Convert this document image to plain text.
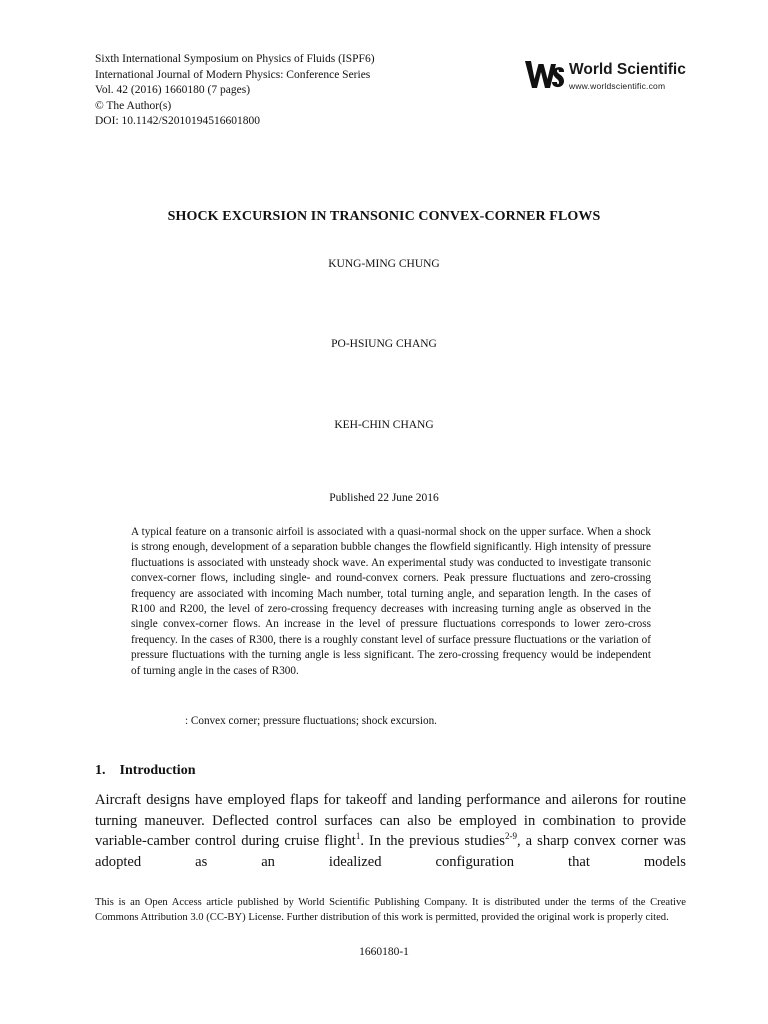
Sixth International Symposium on Physics of Fluids (ISPF6)
International Journal of Modern Physics: Conference Series
Vol. 42 (2016) 1660180 (7 pages)
© The Author(s)
DOI: 10.1142/S2010194516601800
World Scientific
www.worldscientific.com
SHOCK EXCURSION IN TRANSONIC CONVEX-CORNER FLOWS
KUNG-MING CHUNG
PO-HSIUNG CHANG
KEH-CHIN CHANG
Published 22 June 2016
A typical feature on a transonic airfoil is associated with a quasi-normal shock on the upper surface. When a shock is strong enough, development of a separation bubble changes the flowfield significantly. High intensity of pressure fluctuations is associated with unsteady shock wave. An experimental study was conducted to investigate transonic convex-corner flows, including single- and round-convex corners. Peak pressure fluctuations and zero-crossing frequency are associated with incoming Mach number, total turning angle, and separation length. In the cases of R100 and R200, the level of zero-crossing frequency decreases with increasing turning angle as observed in the single convex-corner flows. An increase in the level of pressure fluctuations corresponds to lower zero-cross frequency. In the cases of R300, there is a roughly constant level of surface pressure fluctuations or the variation of pressure fluctuations with the turning angle is less significant. The zero-crossing frequency would be independent of turning angle in the cases of R300.
: Convex corner; pressure fluctuations; shock excursion.
1. Introduction
Aircraft designs have employed flaps for takeoff and landing performance and ailerons for routine turning maneuver. Deflected control surfaces can also be employed in combination to provide variable-camber control during cruise flight$^1$. In the previous studies$^{2-9}$, a sharp convex corner was adopted as an idealized configuration that models
This is an Open Access article published by World Scientific Publishing Company. It is distributed under the terms of the Creative Commons Attribution 3.0 (CC-BY) License. Further distribution of this work is permitted, provided the original work is properly cited.
1660180-1
